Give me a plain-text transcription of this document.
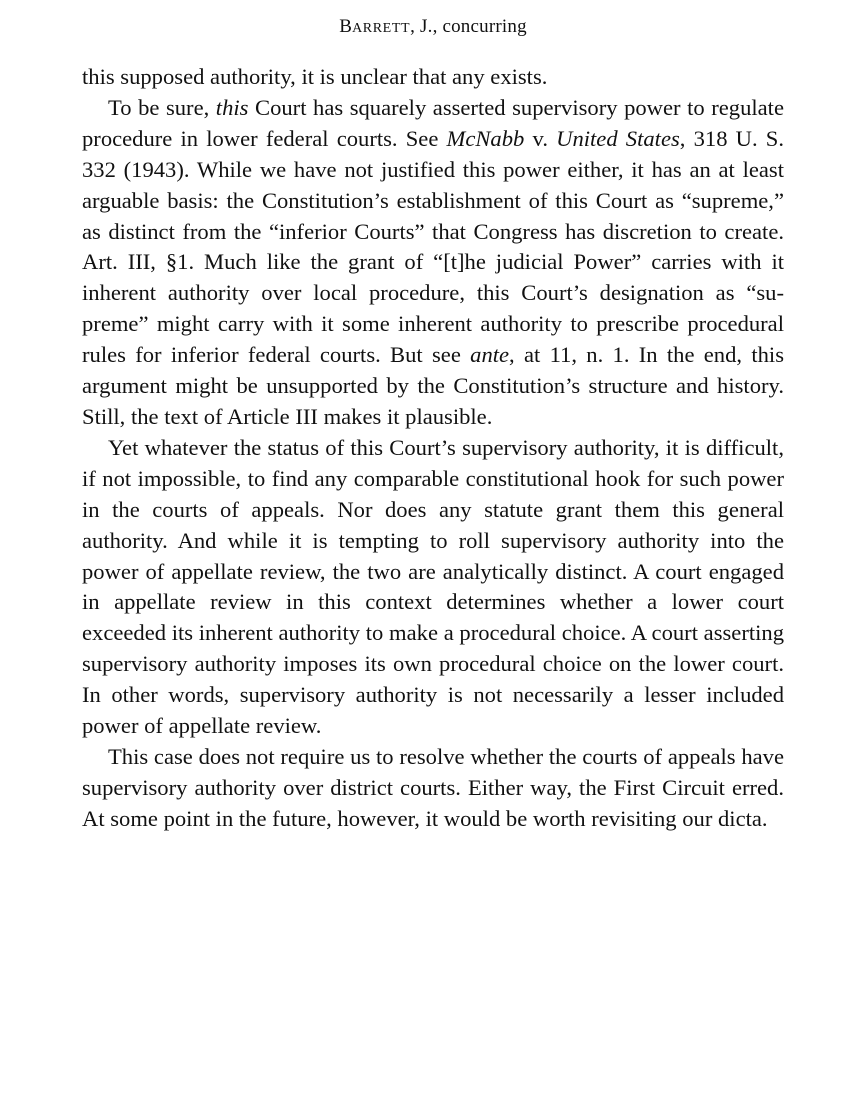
BARRETT, J., concurring

this supposed authority, it is unclear that any exists.

To be sure, this Court has squarely asserted supervisory power to regulate procedure in lower federal courts. See McNabb v. United States, 318 U. S. 332 (1943). While we have not justified this power either, it has an at least arguable basis: the Constitution’s establishment of this Court as “supreme,” as distinct from the “inferior Courts” that Congress has discretion to create. Art. III, §1. Much like the grant of “[t]he judicial Power” carries with it inherent authority over local procedure, this Court’s designation as “supreme” might carry with it some inherent authority to prescribe procedural rules for inferior federal courts. But see ante, at 11, n. 1. In the end, this argument might be unsupported by the Constitution’s structure and history. Still, the text of Article III makes it plausible.

Yet whatever the status of this Court’s supervisory authority, it is difficult, if not impossible, to find any comparable constitutional hook for such power in the courts of appeals. Nor does any statute grant them this general authority. And while it is tempting to roll supervisory authority into the power of appellate review, the two are analytically distinct. A court engaged in appellate review in this context determines whether a lower court exceeded its inherent authority to make a procedural choice. A court asserting supervisory authority imposes its own procedural choice on the lower court. In other words, supervisory authority is not necessarily a lesser included power of appellate review.

This case does not require us to resolve whether the courts of appeals have supervisory authority over district courts. Either way, the First Circuit erred. At some point in the future, however, it would be worth revisiting our dicta.
